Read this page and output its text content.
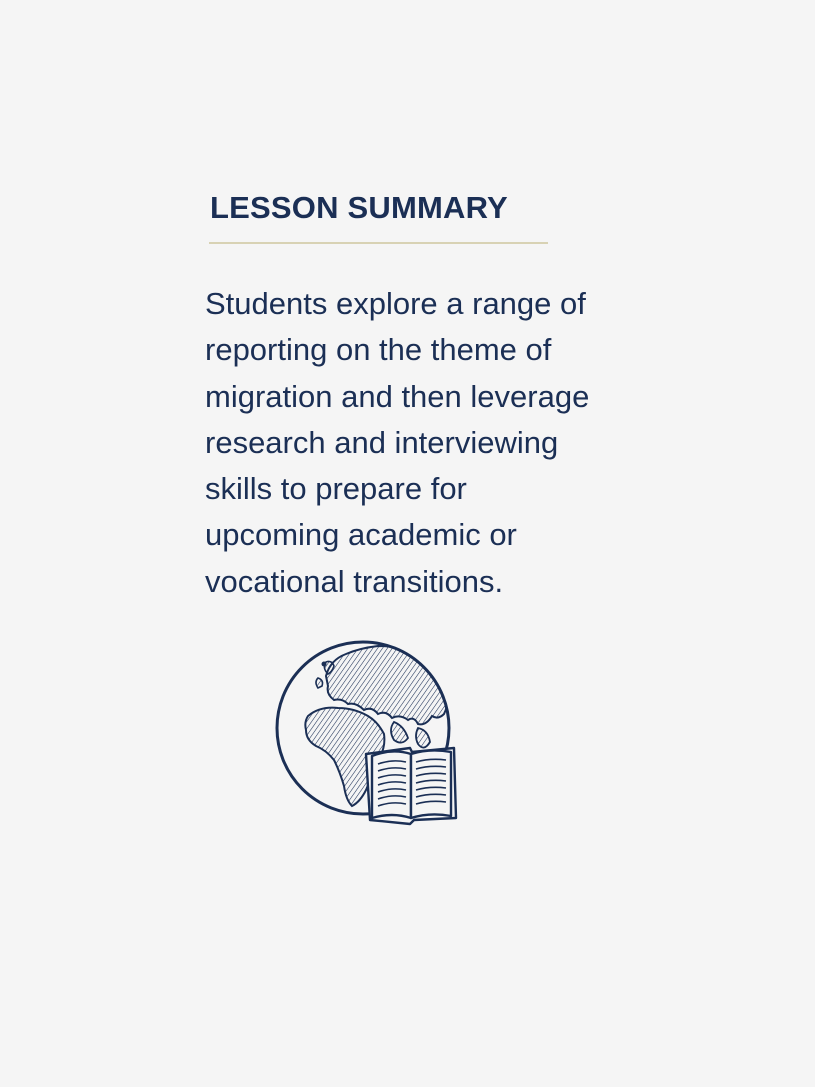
LESSON SUMMARY
Students explore a range of
reporting on the theme of
migration and then leverage
research and interviewing
skills to prepare for
upcoming academic or
vocational transitions.
